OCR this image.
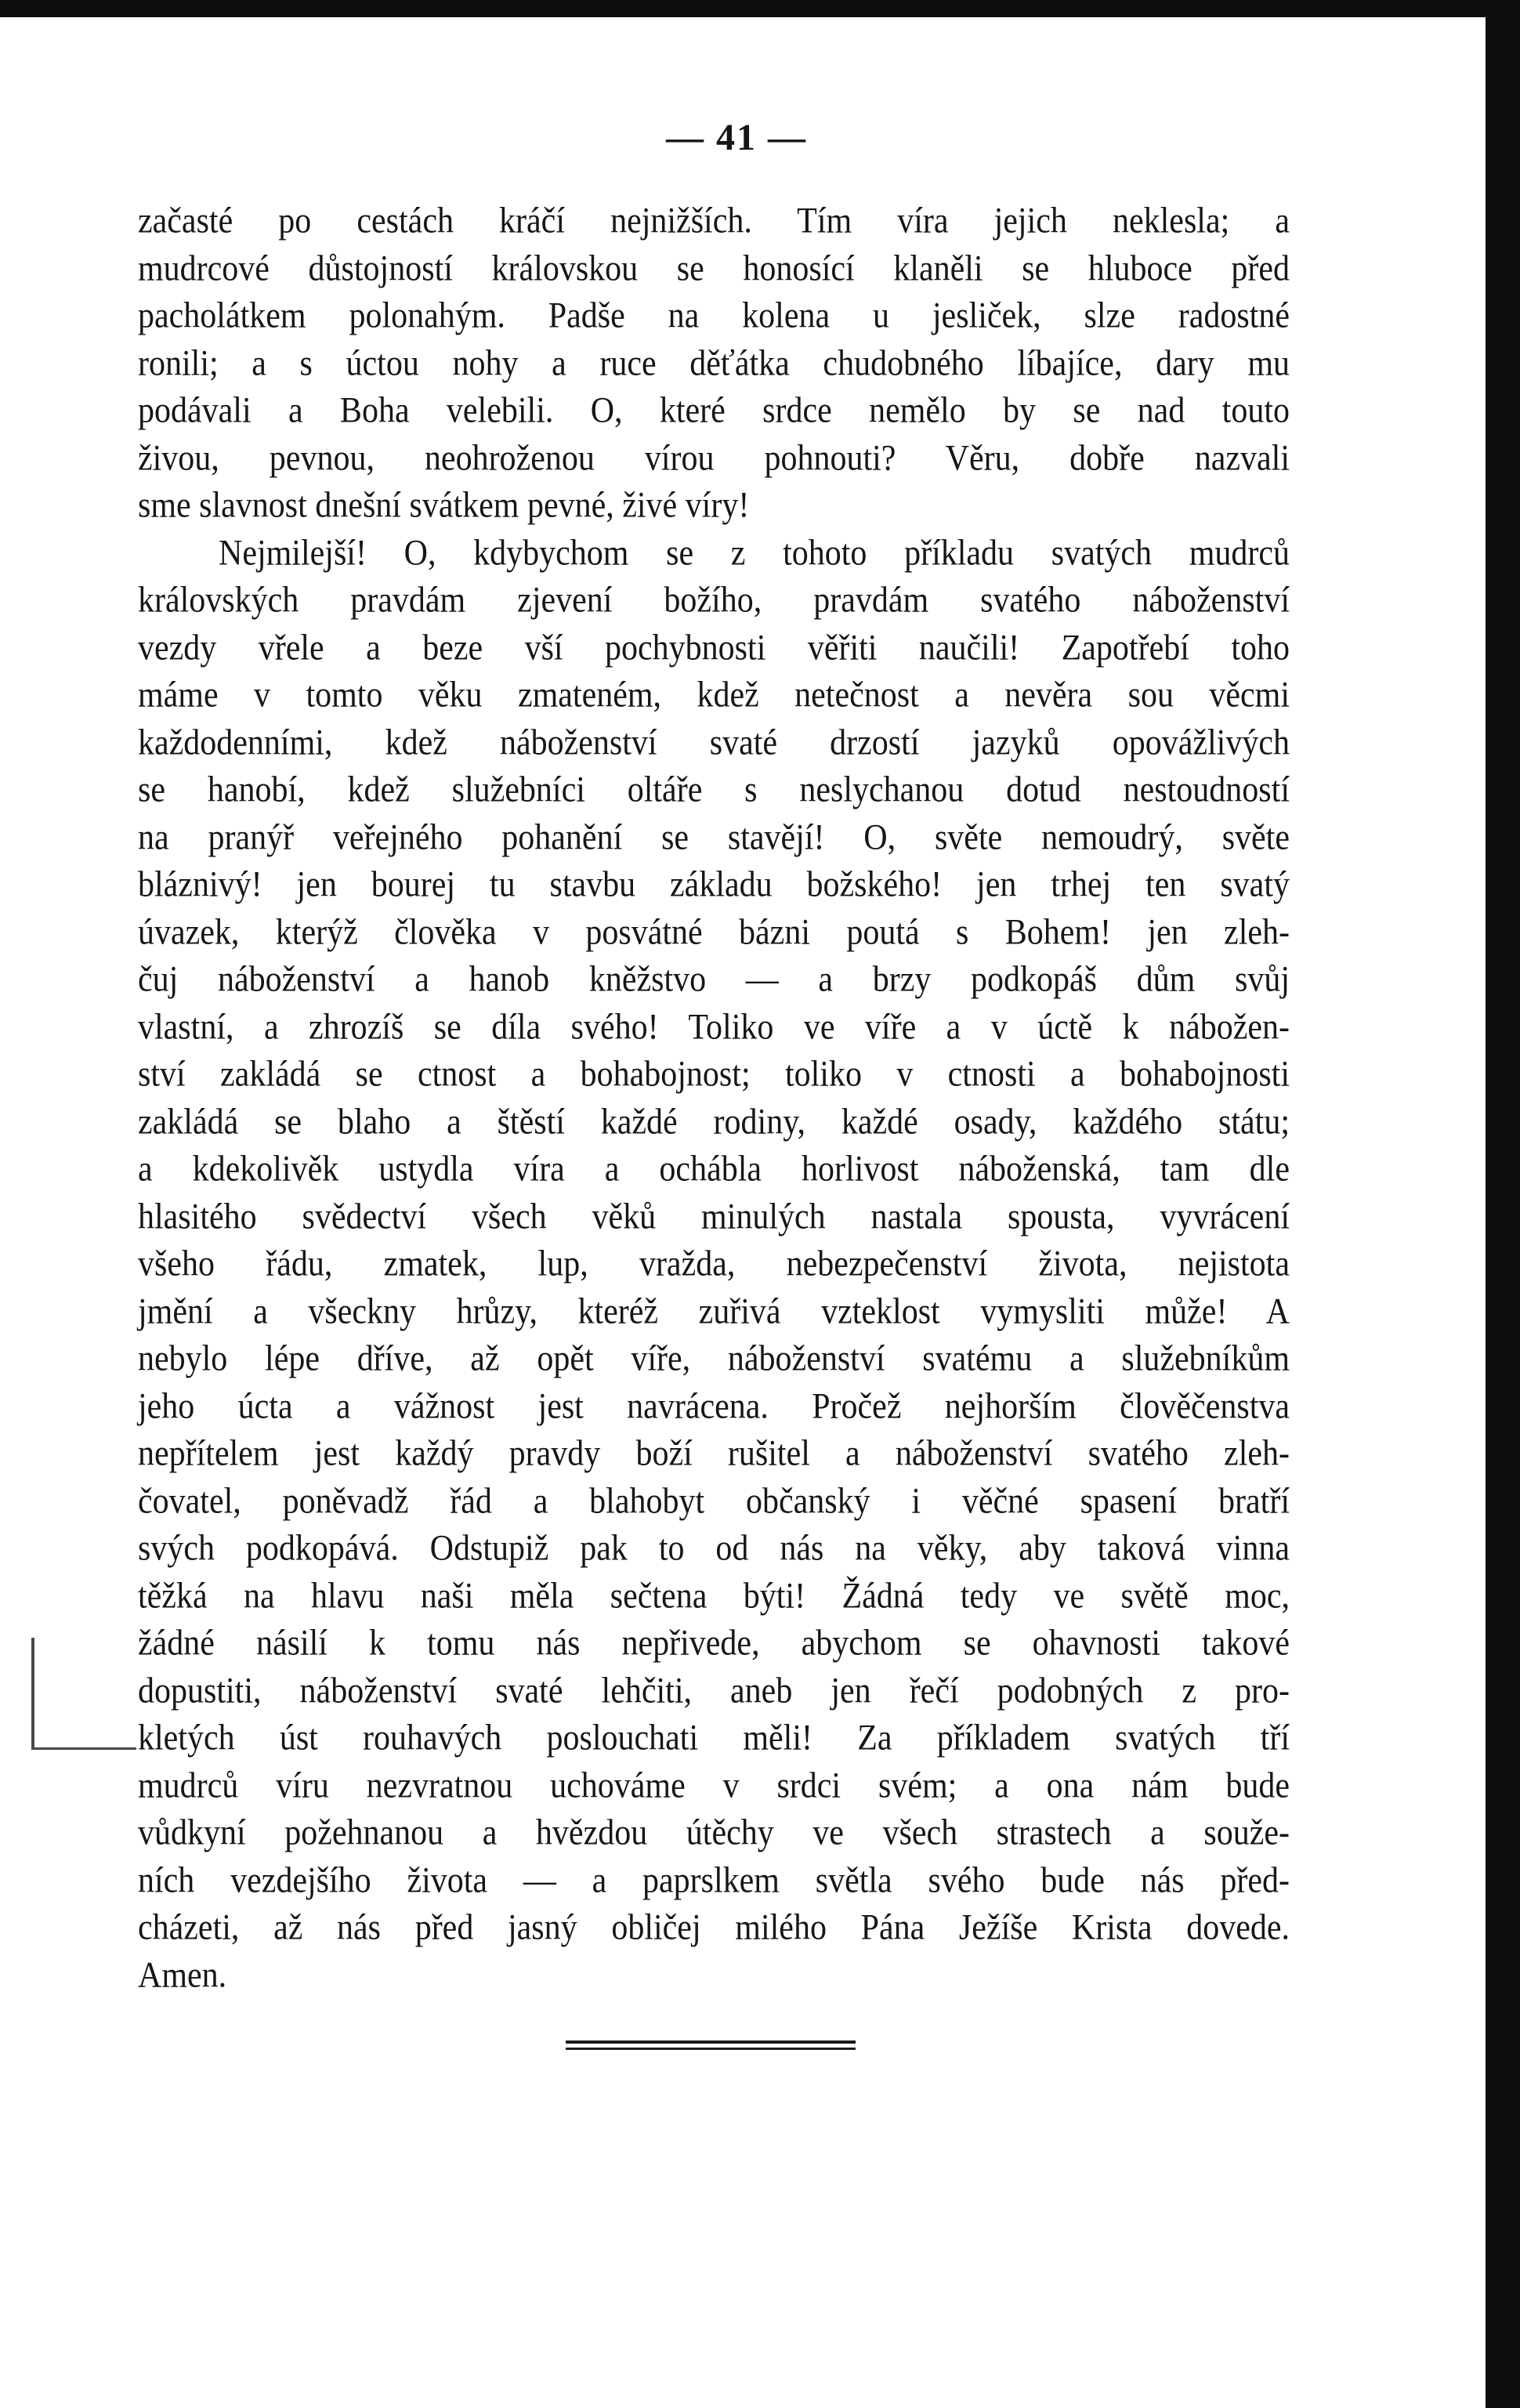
— 41 —
začasté po cestách kráčí nejnižších. Tím víra jejich neklesla; a
mudrcové důstojností královskou se honosící klaněli se hluboce před
pacholátkem polonahým. Padše na kolena u jesliček, slze radostné
ronili; a s úctou nohy a ruce děťátka chudobného líbajíce, dary mu
podávali a Boha velebili. O, které srdce nemělo by se nad touto
živou, pevnou, neohroženou vírou pohnouti? Věru, dobře nazvali
sme slavnost dnešní svátkem pevné, živé víry!
Nejmilejší! O, kdybychom se z tohoto příkladu svatých mudrců
královských pravdám zjevení božího, pravdám svatého náboženství
vezdy vřele a beze vší pochybnosti věřiti naučili! Zapotřebí toho
máme v tomto věku zmateném, kdež netečnost a nevěra sou věcmi
každodenními, kdež náboženství svaté drzostí jazyků opovážlivých
se hanobí, kdež služebníci oltáře s neslychanou dotud nestoudností
na pranýř veřejného pohanění se stavějí! O, světe nemoudrý, světe
bláznivý! jen bourej tu stavbu základu božského! jen trhej ten svatý
úvazek, kterýž člověka v posvátné bázni poutá s Bohem! jen zleh-
čuj náboženství a hanob kněžstvo — a brzy podkopáš dům svůj
vlastní, a zhrozíš se díla svého! Toliko ve víře a v úctě k nábožen-
ství zakládá se ctnost a bohabojnost; toliko v ctnosti a bohabojnosti
zakládá se blaho a štěstí každé rodiny, každé osady, každého státu;
a kdekolivěk ustydla víra a ochábla horlivost náboženská, tam dle
hlasitého svědectví všech věků minulých nastala spousta, vyvrácení
všeho řádu, zmatek, lup, vražda, nebezpečenství života, nejistota
jmění a všeckny hrůzy, kteréž zuřivá vzteklost vymysliti může! A
nebylo lépe dříve, až opět víře, náboženství svatému a služebníkům
jeho úcta a vážnost jest navrácena. Pročež nejhorším člověčenstva
nepřítelem jest každý pravdy boží rušitel a náboženství svatého zleh-
čovatel, poněvadž řád a blahobyt občanský i věčné spasení bratří
svých podkopává. Odstupiž pak to od nás na věky, aby taková vinna
těžká na hlavu naši měla sečtena býti! Žádná tedy ve světě moc,
žádné násilí k tomu nás nepřivede, abychom se ohavnosti takové
dopustiti, náboženství svaté lehčiti, aneb jen řečí podobných z pro-
kletých úst rouhavých poslouchati měli! Za příkladem svatých tří
mudrců víru nezvratnou uchováme v srdci svém; a ona nám bude
vůdkyní požehnanou a hvězdou útěchy ve všech strastech a souže-
ních vezdejšího života — a paprslkem světla svého bude nás před-
cházeti, až nás před jasný obličej milého Pána Ježíše Krista dovede.
Amen.
